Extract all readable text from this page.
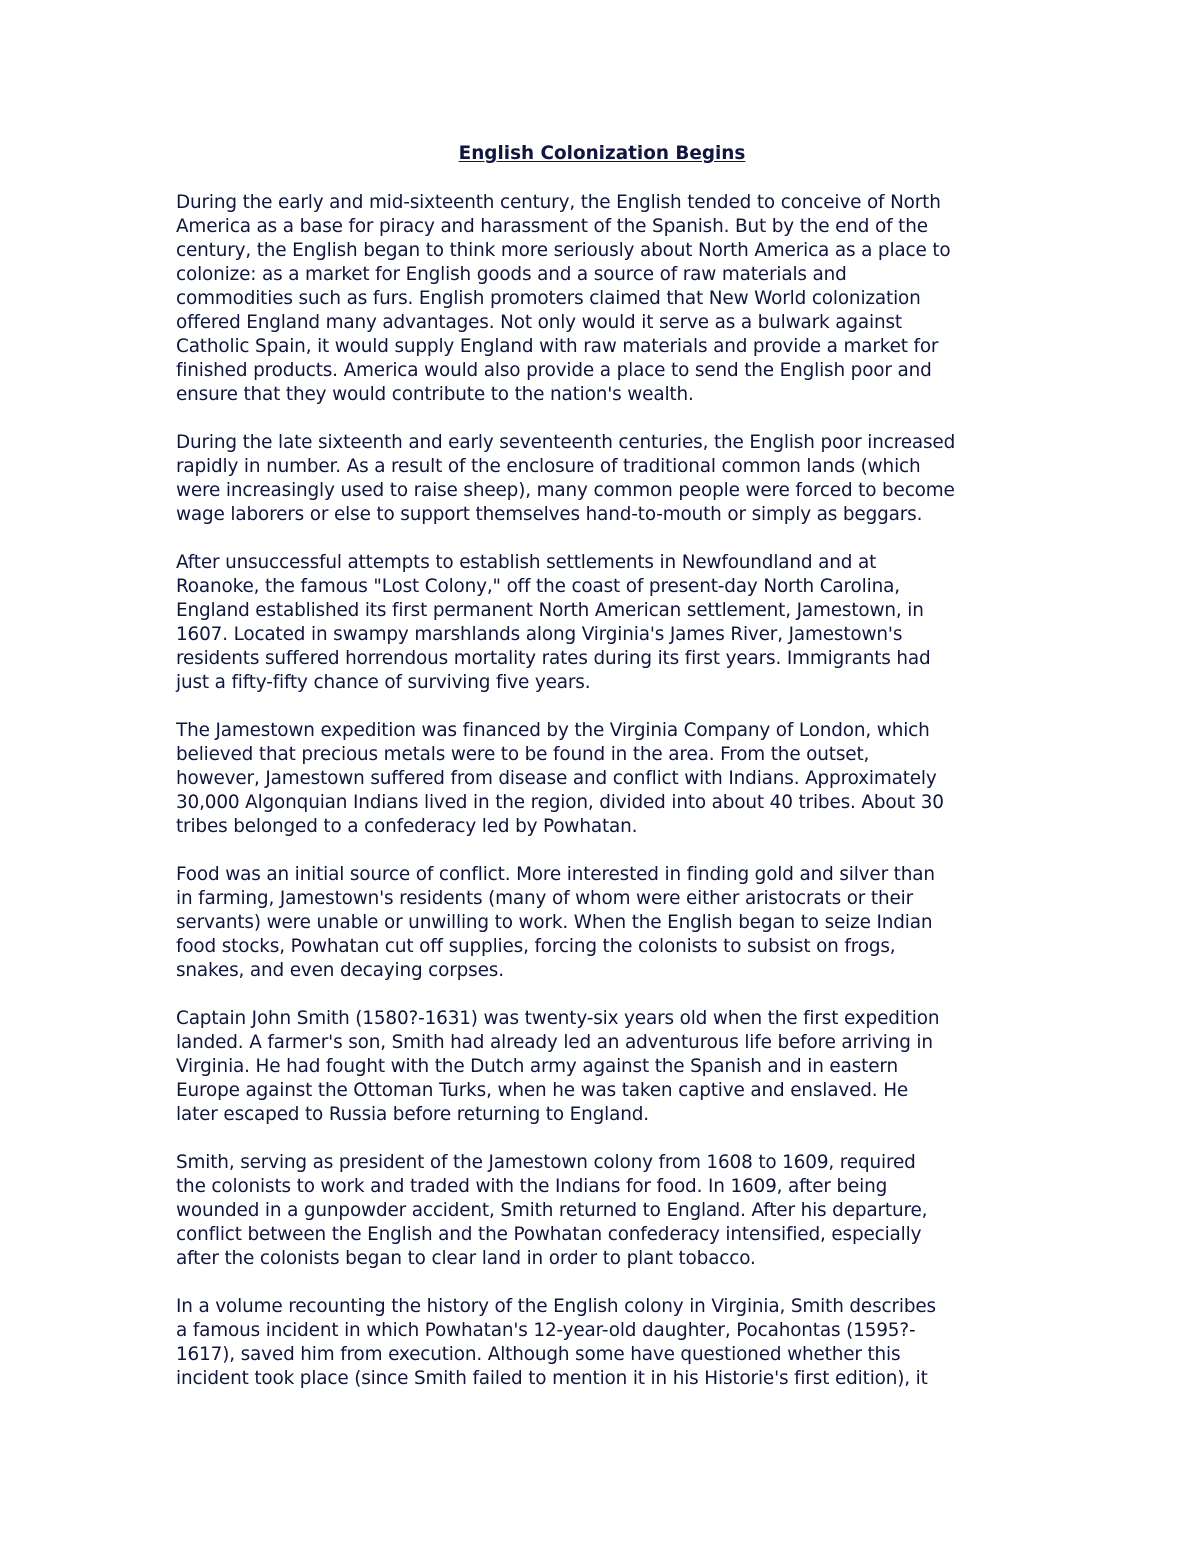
English Colonization Begins
During the early and mid-sixteenth century, the English tended to conceive of North
America as a base for piracy and harassment of the Spanish. But by the end of the
century, the English began to think more seriously about North America as a place to
colonize: as a market for English goods and a source of raw materials and
commodities such as furs. English promoters claimed that New World colonization
offered England many advantages. Not only would it serve as a bulwark against
Catholic Spain, it would supply England with raw materials and provide a market for
finished products. America would also provide a place to send the English poor and
ensure that they would contribute to the nation's wealth.
During the late sixteenth and early seventeenth centuries, the English poor increased
rapidly in number. As a result of the enclosure of traditional common lands (which
were increasingly used to raise sheep), many common people were forced to become
wage laborers or else to support themselves hand-to-mouth or simply as beggars.
After unsuccessful attempts to establish settlements in Newfoundland and at
Roanoke, the famous "Lost Colony," off the coast of present-day North Carolina,
England established its first permanent North American settlement, Jamestown, in
1607. Located in swampy marshlands along Virginia's James River, Jamestown's
residents suffered horrendous mortality rates during its first years. Immigrants had
just a fifty-fifty chance of surviving five years.
The Jamestown expedition was financed by the Virginia Company of London, which
believed that precious metals were to be found in the area. From the outset,
however, Jamestown suffered from disease and conflict with Indians. Approximately
30,000 Algonquian Indians lived in the region, divided into about 40 tribes. About 30
tribes belonged to a confederacy led by Powhatan.
Food was an initial source of conflict. More interested in finding gold and silver than
in farming, Jamestown's residents (many of whom were either aristocrats or their
servants) were unable or unwilling to work. When the English began to seize Indian
food stocks, Powhatan cut off supplies, forcing the colonists to subsist on frogs,
snakes, and even decaying corpses.
Captain John Smith (1580?-1631) was twenty-six years old when the first expedition
landed. A farmer's son, Smith had already led an adventurous life before arriving in
Virginia. He had fought with the Dutch army against the Spanish and in eastern
Europe against the Ottoman Turks, when he was taken captive and enslaved. He
later escaped to Russia before returning to England.
Smith, serving as president of the Jamestown colony from 1608 to 1609, required
the colonists to work and traded with the Indians for food. In 1609, after being
wounded in a gunpowder accident, Smith returned to England. After his departure,
conflict between the English and the Powhatan confederacy intensified, especially
after the colonists began to clear land in order to plant tobacco.
In a volume recounting the history of the English colony in Virginia, Smith describes
a famous incident in which Powhatan's 12-year-old daughter, Pocahontas (1595?-
1617), saved him from execution. Although some have questioned whether this
incident took place (since Smith failed to mention it in his Historie's first edition), it
